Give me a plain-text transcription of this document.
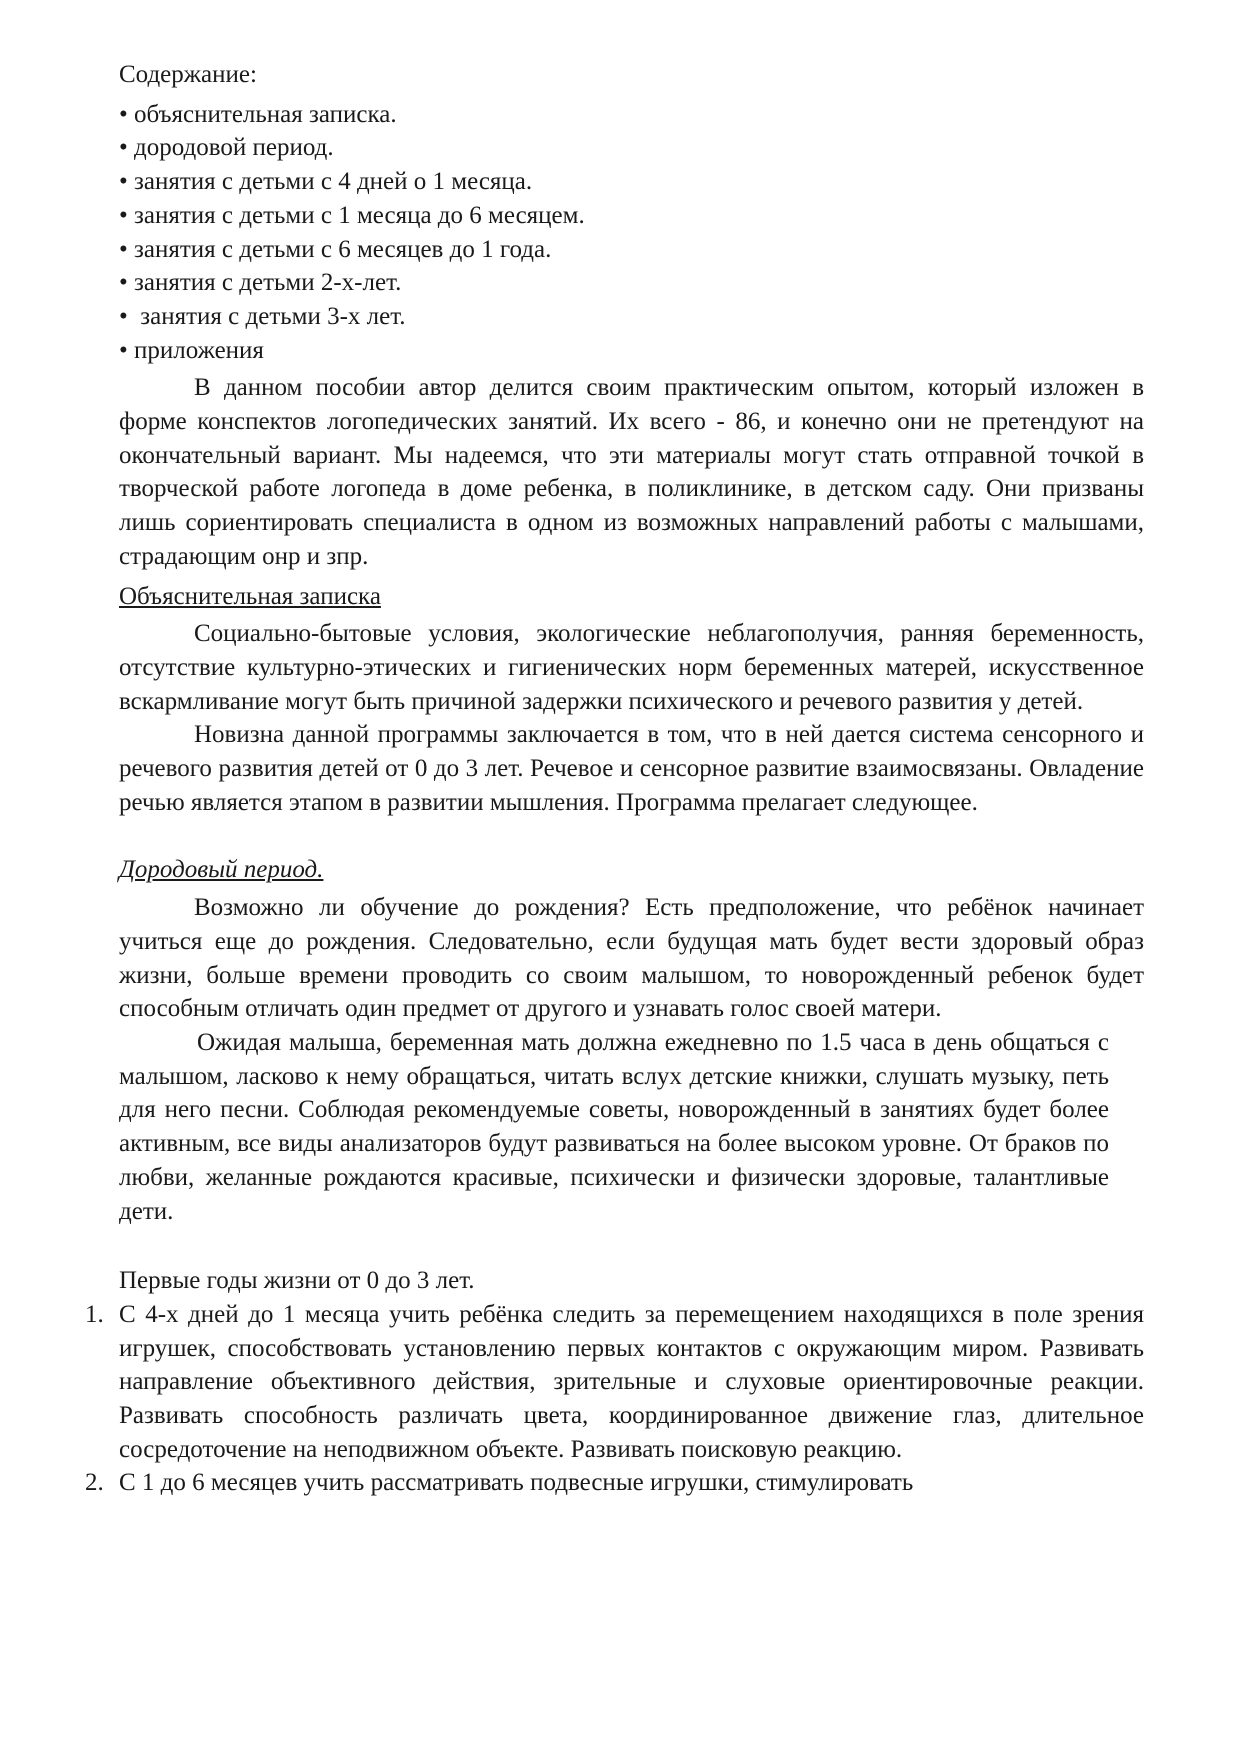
Содержание:
• объяснительная записка.
• дородовой период.
• занятия с детьми с 4 дней о 1 месяца.
• занятия с детьми с 1 месяца до 6 месяцем.
• занятия с детьми с 6 месяцев до 1 года.
• занятия с детьми 2-х-лет.
•  занятия с детьми 3-х лет.
• приложения

В данном пособии автор делится своим практическим опытом, который изложен в форме конспектов логопедических занятий. Их всего - 86, и конечно они не претендуют на окончательный вариант. Мы надеемся, что эти материалы могут стать отправной точкой в творческой работе логопеда в доме ребенка, в поликлинике, в детском саду. Они призваны лишь сориентировать специалиста в одном из возможных направлений работы с малышами, страдающим онр и зпр.

Объяснительная записка

Социально-бытовые условия, экологические неблагополучия, ранняя беременность, отсутствие культурно-этических и гигиенических норм беременных матерей, искусственное вскармливание могут быть причиной задержки психического и речевого развития у детей.

Новизна данной программы заключается в том, что в ней дается система сенсорного и речевого развития детей от 0 до 3 лет. Речевое и сенсорное развитие взаимосвязаны. Овладение речью является этапом в развитии мышления. Программа прелагает следующее.

Дородовый период.

Возможно ли обучение до рождения? Есть предположение, что ребёнок начинает учиться еще до рождения. Следовательно, если будущая мать будет вести здоровый образ жизни, больше времени проводить со своим малышом, то новорожденный ребенок будет способным отличать один предмет от другого и узнавать голос своей матери.

Ожидая малыша, беременная мать должна ежедневно по 1.5 часа в день общаться с малышом, ласково к нему обращаться, читать вслух детские книжки, слушать музыку, петь для него песни. Соблюдая рекомендуемые советы, новорожденный в занятиях будет более активным, все виды анализаторов будут развиваться на более высоком уровне. От браков по любви, желанные рождаются красивые, психически и физически здоровые, талантливые дети.

Первые годы жизни от 0 до 3 лет.
1. С 4-х дней до 1 месяца учить ребёнка следить за перемещением находящихся в поле зрения игрушек, способствовать установлению первых контактов с окружающим миром. Развивать направление объективного действия, зрительные и слуховые ориентировочные реакции. Развивать способность различать цвета, координированное движение глаз, длительное сосредоточение на неподвижном объекте. Развивать поисковую реакцию.
2. С 1 до 6 месяцев учить рассматривать подвесные игрушки, стимулировать
